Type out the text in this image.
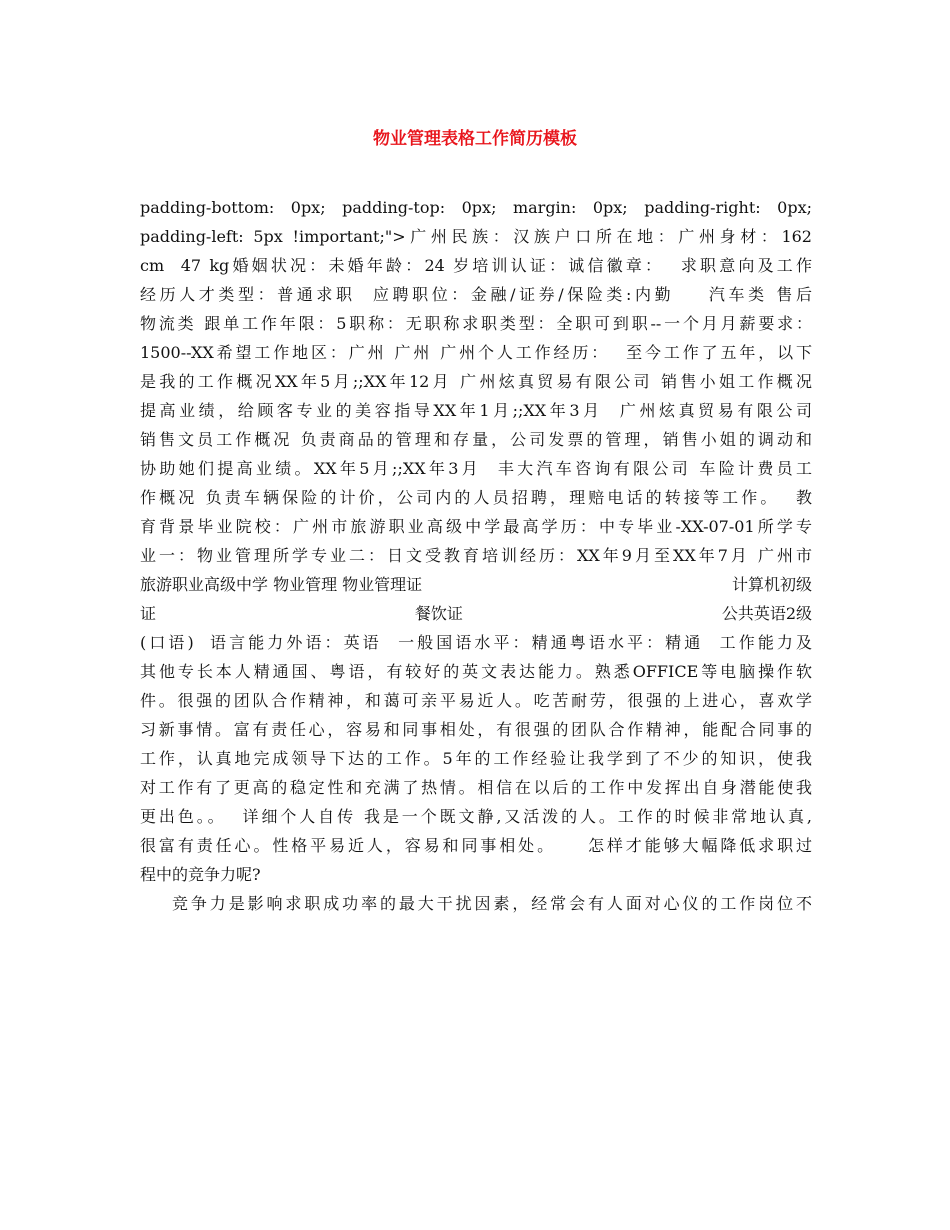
物业管理表格工作简历模板
padding-bottom: 0px; padding-top: 0px; margin: 0px; padding-right: 0px;
padding-left: 5px !important;">广州民族：汉族户口所在地：广州身材：162
cm  47 kg婚姻状况：未婚年龄：24 岁培训认证：诚信徽章：  求职意向及工作
经历人才类型：普通求职  应聘职位：金融/证券/保险类:内勤    汽车类 售后
物流类 跟单工作年限：5职称：无职称求职类型：全职可到职--一个月月薪要求：
1500--XX希望工作地区：广州 广州 广州个人工作经历：  至今工作了五年，以下
是我的工作概况XX年5月;;XX年12月 广州炫真贸易有限公司 销售小姐工作概况
提高业绩，给顾客专业的美容指导XX年1月;;XX年3月  广州炫真贸易有限公司
销售文员工作概况 负责商品的管理和存量，公司发票的管理，销售小姐的调动和
协助她们提高业绩。XX年5月;;XX年3月  丰大汽车咨询有限公司 车险计费员工
作概况 负责车辆保险的计价，公司内的人员招聘，理赔电话的转接等工作。  教
育背景毕业院校：广州市旅游职业高级中学最高学历：中专毕业-XX-07-01所学专
业一：物业管理所学专业二：日文受教育培训经历：XX年9月至XX年7月 广州市
旅游职业高级中学 物业管理 物业管理证	计算机初级
证	餐饮证	公共英语2级
(口语)  语言能力外语：英语  一般国语水平：精通粤语水平：精通  工作能力及
其他专长本人精通国、粤语，有较好的英文表达能力。熟悉OFFICE等电脑操作软
件。很强的团队合作精神，和蔼可亲平易近人。吃苦耐劳，很强的上进心，喜欢学
习新事情。富有责任心，容易和同事相处，有很强的团队合作精神，能配合同事的
工作，认真地完成领导下达的工作。5年的工作经验让我学到了不少的知识，使我
对工作有了更高的稳定性和充满了热情。相信在以后的工作中发挥出自身潜能使我
更出色。。  详细个人自传 我是一个既文静,又活泼的人。工作的时候非常地认真,
很富有责任心。性格平易近人，容易和同事相处。    怎样才能够大幅降低求职过
程中的竞争力呢?
竞争力是影响求职成功率的最大干扰因素，经常会有人面对心仪的工作岗位不
